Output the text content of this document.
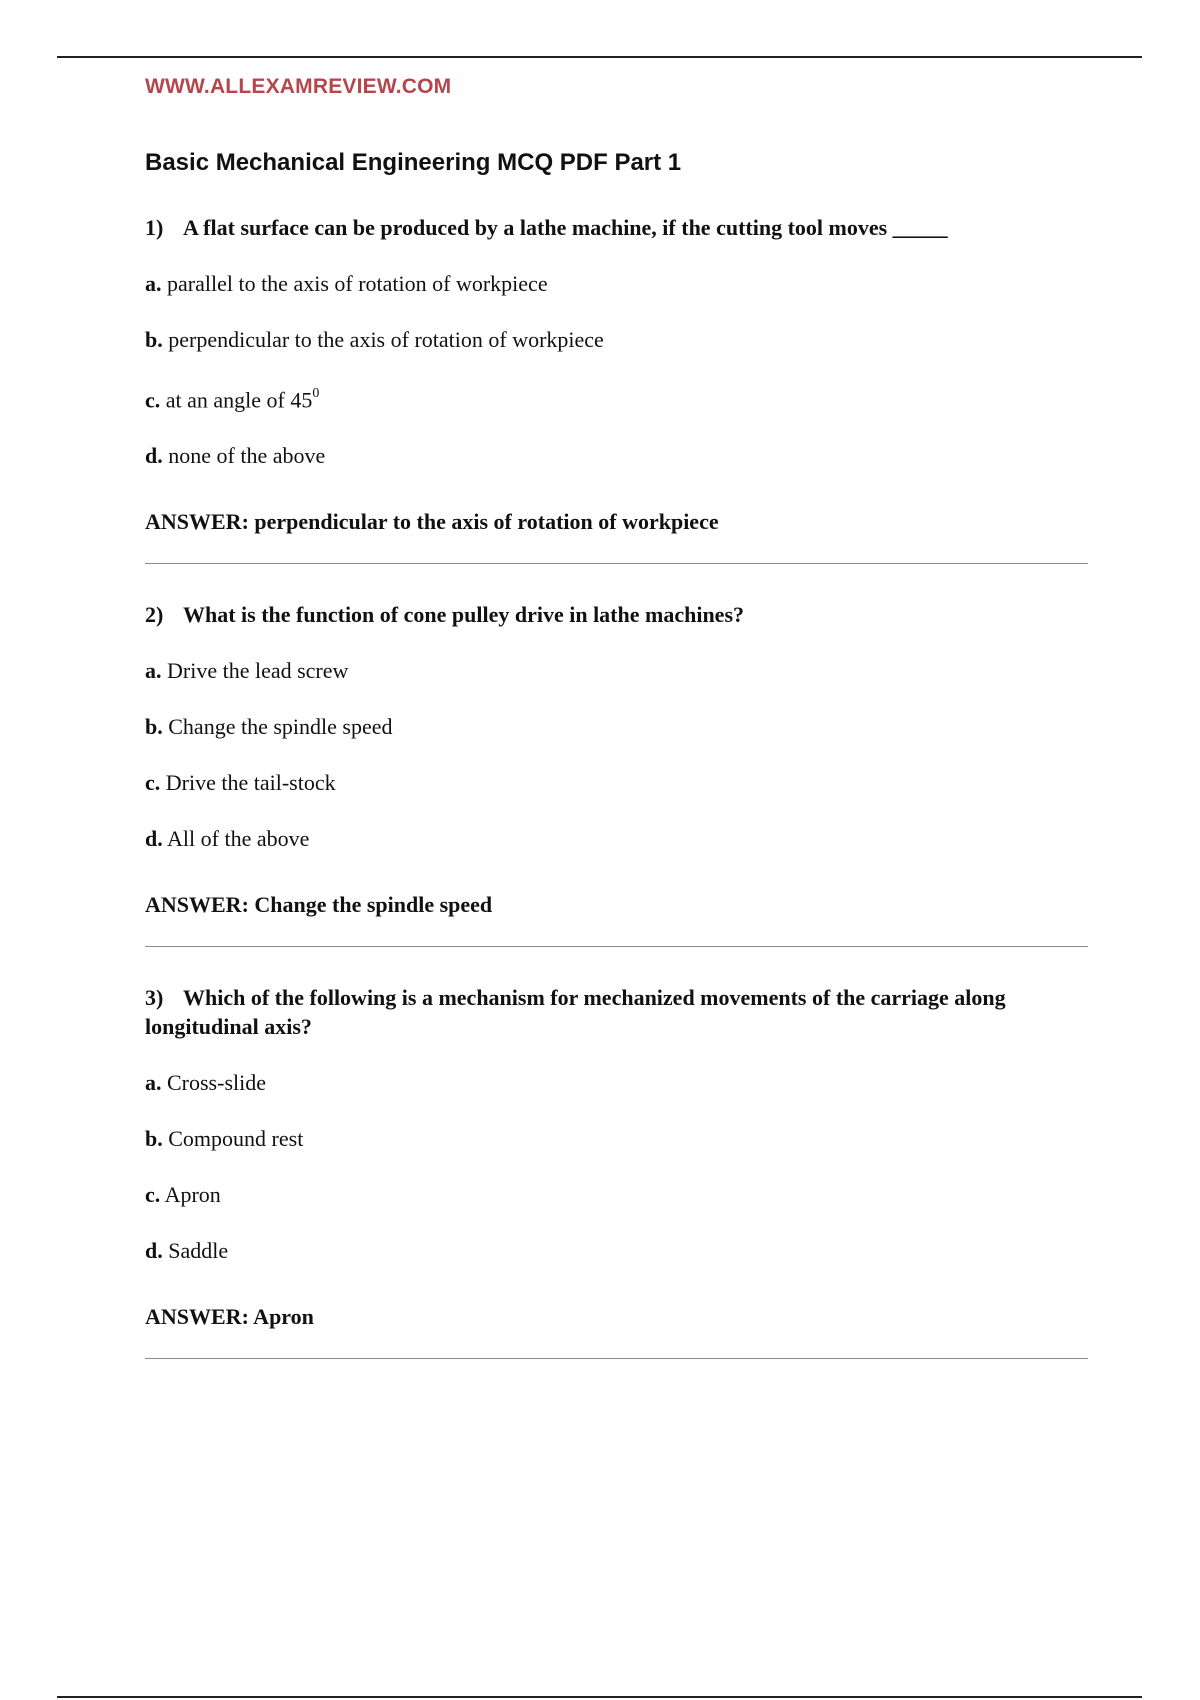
WWW.ALLEXAMREVIEW.COM
Basic Mechanical Engineering MCQ PDF Part 1
1) A flat surface can be produced by a lathe machine, if the cutting tool moves _____
a. parallel to the axis of rotation of workpiece
b. perpendicular to the axis of rotation of workpiece
c. at an angle of $45^0$
d. none of the above
ANSWER: perpendicular to the axis of rotation of workpiece
2) What is the function of cone pulley drive in lathe machines?
a. Drive the lead screw
b. Change the spindle speed
c. Drive the tail-stock
d. All of the above
ANSWER: Change the spindle speed
3) Which of the following is a mechanism for mechanized movements of the carriage along longitudinal axis?
a. Cross-slide
b. Compound rest
c. Apron
d. Saddle
ANSWER: Apron
